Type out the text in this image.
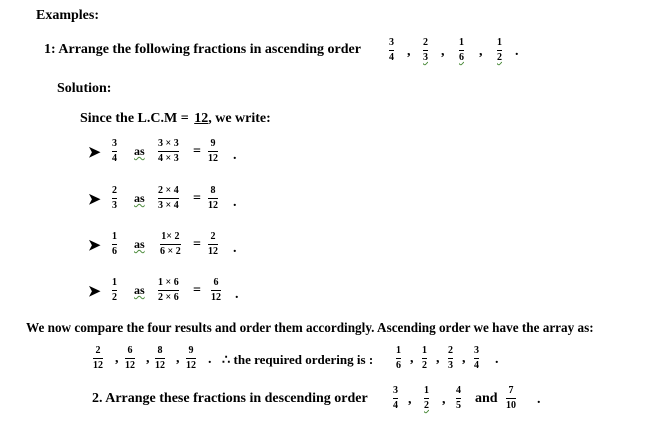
Examples:
1: Arrange the following fractions in ascending order	3
4 ,
2
3 ,
1
6 ,
1
2 .
Solution:
Since the L.C.M = 12, we write:
➤
3
4
as
3 × 3
4 × 3 =
9
12 .
➤
2
3
as
2 × 4
3 × 4 =
8
12 .
➤
1
6
as
1× 2
6 × 2 =
2
12 .
➤
1
2
as
1 × 6
2 × 6 =
6
12 .
We now compare the four results and order them accordingly. Ascending order we have the array as:
2
12 ,
6
12 ,
8
12 ,
9
12 . ∴ the required ordering is :
1
6 ,
1
2 ,
2
3 ,
3
4 .
2. Arrange these fractions in descending order
3
4 ,
1
2 ,
4
5 and
7
10 .
